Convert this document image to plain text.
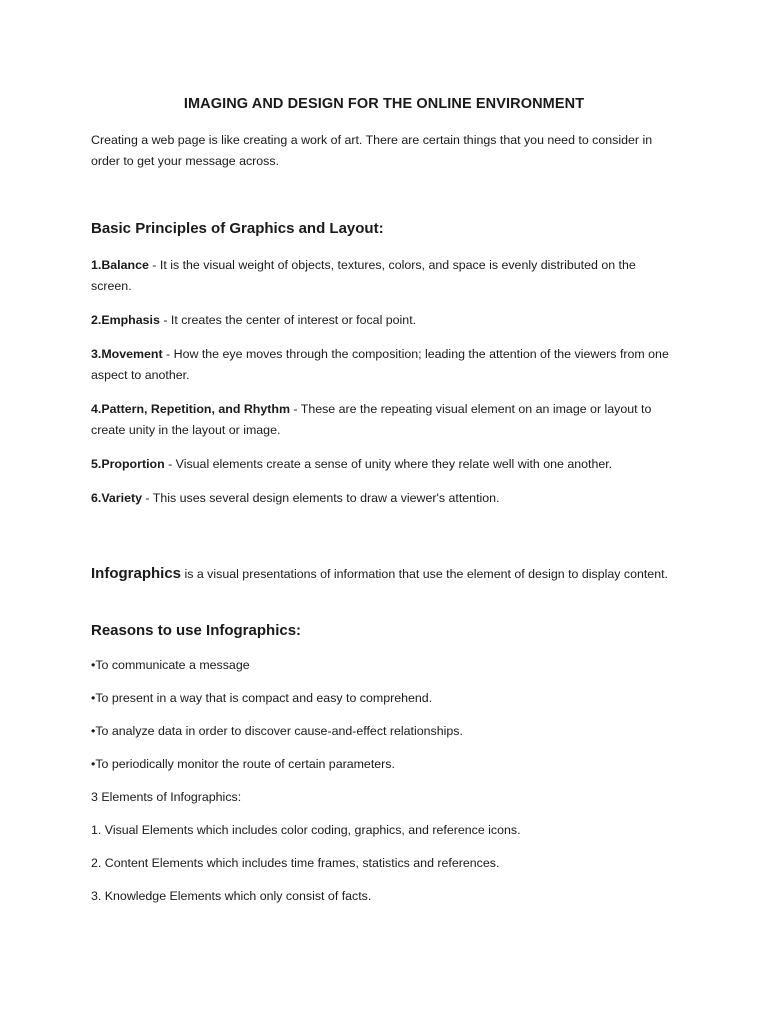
IMAGING AND DESIGN FOR THE ONLINE ENVIRONMENT

Creating a web page is like creating a work of art. There are certain things that you need to consider in order to get your message across.

Basic Principles of Graphics and Layout:

1.Balance - It is the visual weight of objects, textures, colors, and space is evenly distributed on the screen.

2.Emphasis - It creates the center of interest or focal point.

3.Movement - How the eye moves through the composition; leading the attention of the viewers from one aspect to another.

4.Pattern, Repetition, and Rhythm - These are the repeating visual element on an image or layout to create unity in the layout or image.

5.Proportion - Visual elements create a sense of unity where they relate well with one another.

6.Variety - This uses several design elements to draw a viewer's attention.

Infographics is a visual presentations of information that use the element of design to display content.

Reasons to use Infographics:

•To communicate a message

•To present in a way that is compact and easy to comprehend.

•To analyze data in order to discover cause-and-effect relationships.

•To periodically monitor the route of certain parameters.

3 Elements of Infographics:

1. Visual Elements which includes color coding, graphics, and reference icons.

2. Content Elements which includes time frames, statistics and references.

3. Knowledge Elements which only consist of facts.
